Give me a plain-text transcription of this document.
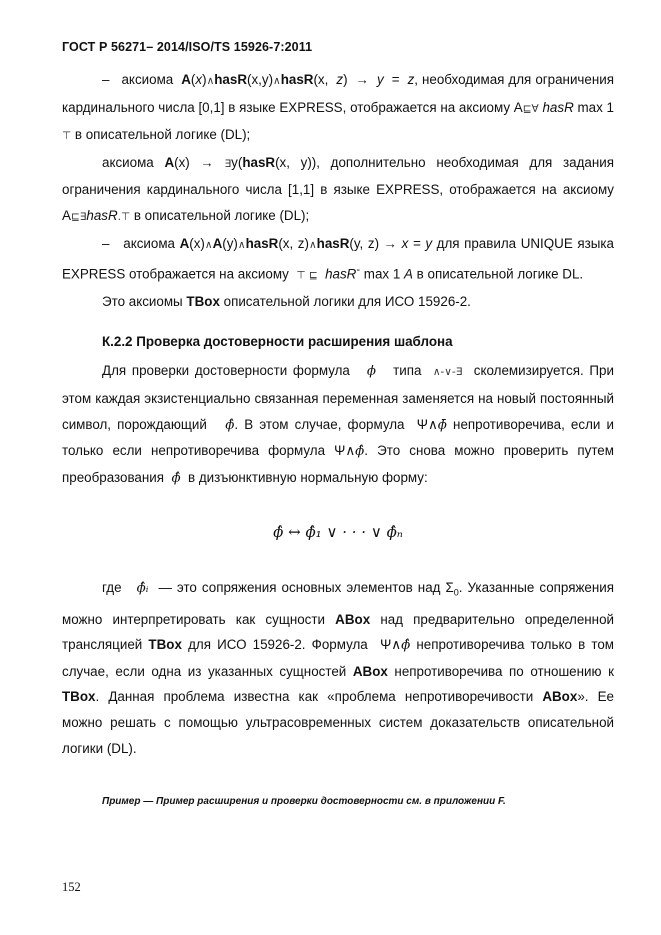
ГОСТ Р 56271– 2014/ISO/TS 15926-7:2011

– аксиома A(x)∧hasR(x,y)∧hasR(x, z)  → y = z, необходимая для ограничения кардинального числа [0,1] в языке EXPRESS, отображается на аксиому A⊑∀ hasR max 1 ⊤ в описательной логике (DL);

аксиома A(x) → ∃y(hasR(x, y)), дополнительно необходимая для задания ограничения кардинального числа [1,1] в языке EXPRESS, отображается на аксиому A⊑∃hasR.⊤ в описательной логике (DL);

– аксиома A(x)∧A(y)∧hasR(x, z)∧hasR(y, z) → x = y для правила UNIQUE языка EXPRESS отображается на аксиому ⊤ ⊑ hasR- max 1 A в описательной логике DL.

Это аксиомы TBox описательной логики для ИСО 15926-2.

К.2.2 Проверка достоверности расширения шаблона

Для проверки достоверности формула ϕ типа ∧-∨-∃ сколемизируется. При этом каждая экзистенциально связанная переменная заменяется на новый постоянный символ, порождающий ϕ̂. В этом случае, формула Ψ∧ϕ̄ непротиворечива, если и только если непротиворечива формула Ψ∧ϕ̂. Это снова можно проверить путем преобразования ϕ̂ в дизъюнктивную нормальную форму:

ϕ̂ ↔ ϕ̂₁ ∨ · · · ∨ ϕ̂ₙ

где ϕ̂ᵢ — это сопряжения основных элементов над $\Sigma_0$. Указанные сопряжения можно интерпретировать как сущности ABox над предварительно определенной трансляцией TBox для ИСО 15926-2. Формула Ψ∧ϕ̂ непротиворечива только в том случае, если одна из указанных сущностей ABox непротиворечива по отношению к TBox. Данная проблема известна как «проблема непротиворечивости ABox». Ее можно решать с помощью ультрасовременных систем доказательств описательной логики (DL).

Пример — Пример расширения и проверки достоверности см. в приложении F.
152
